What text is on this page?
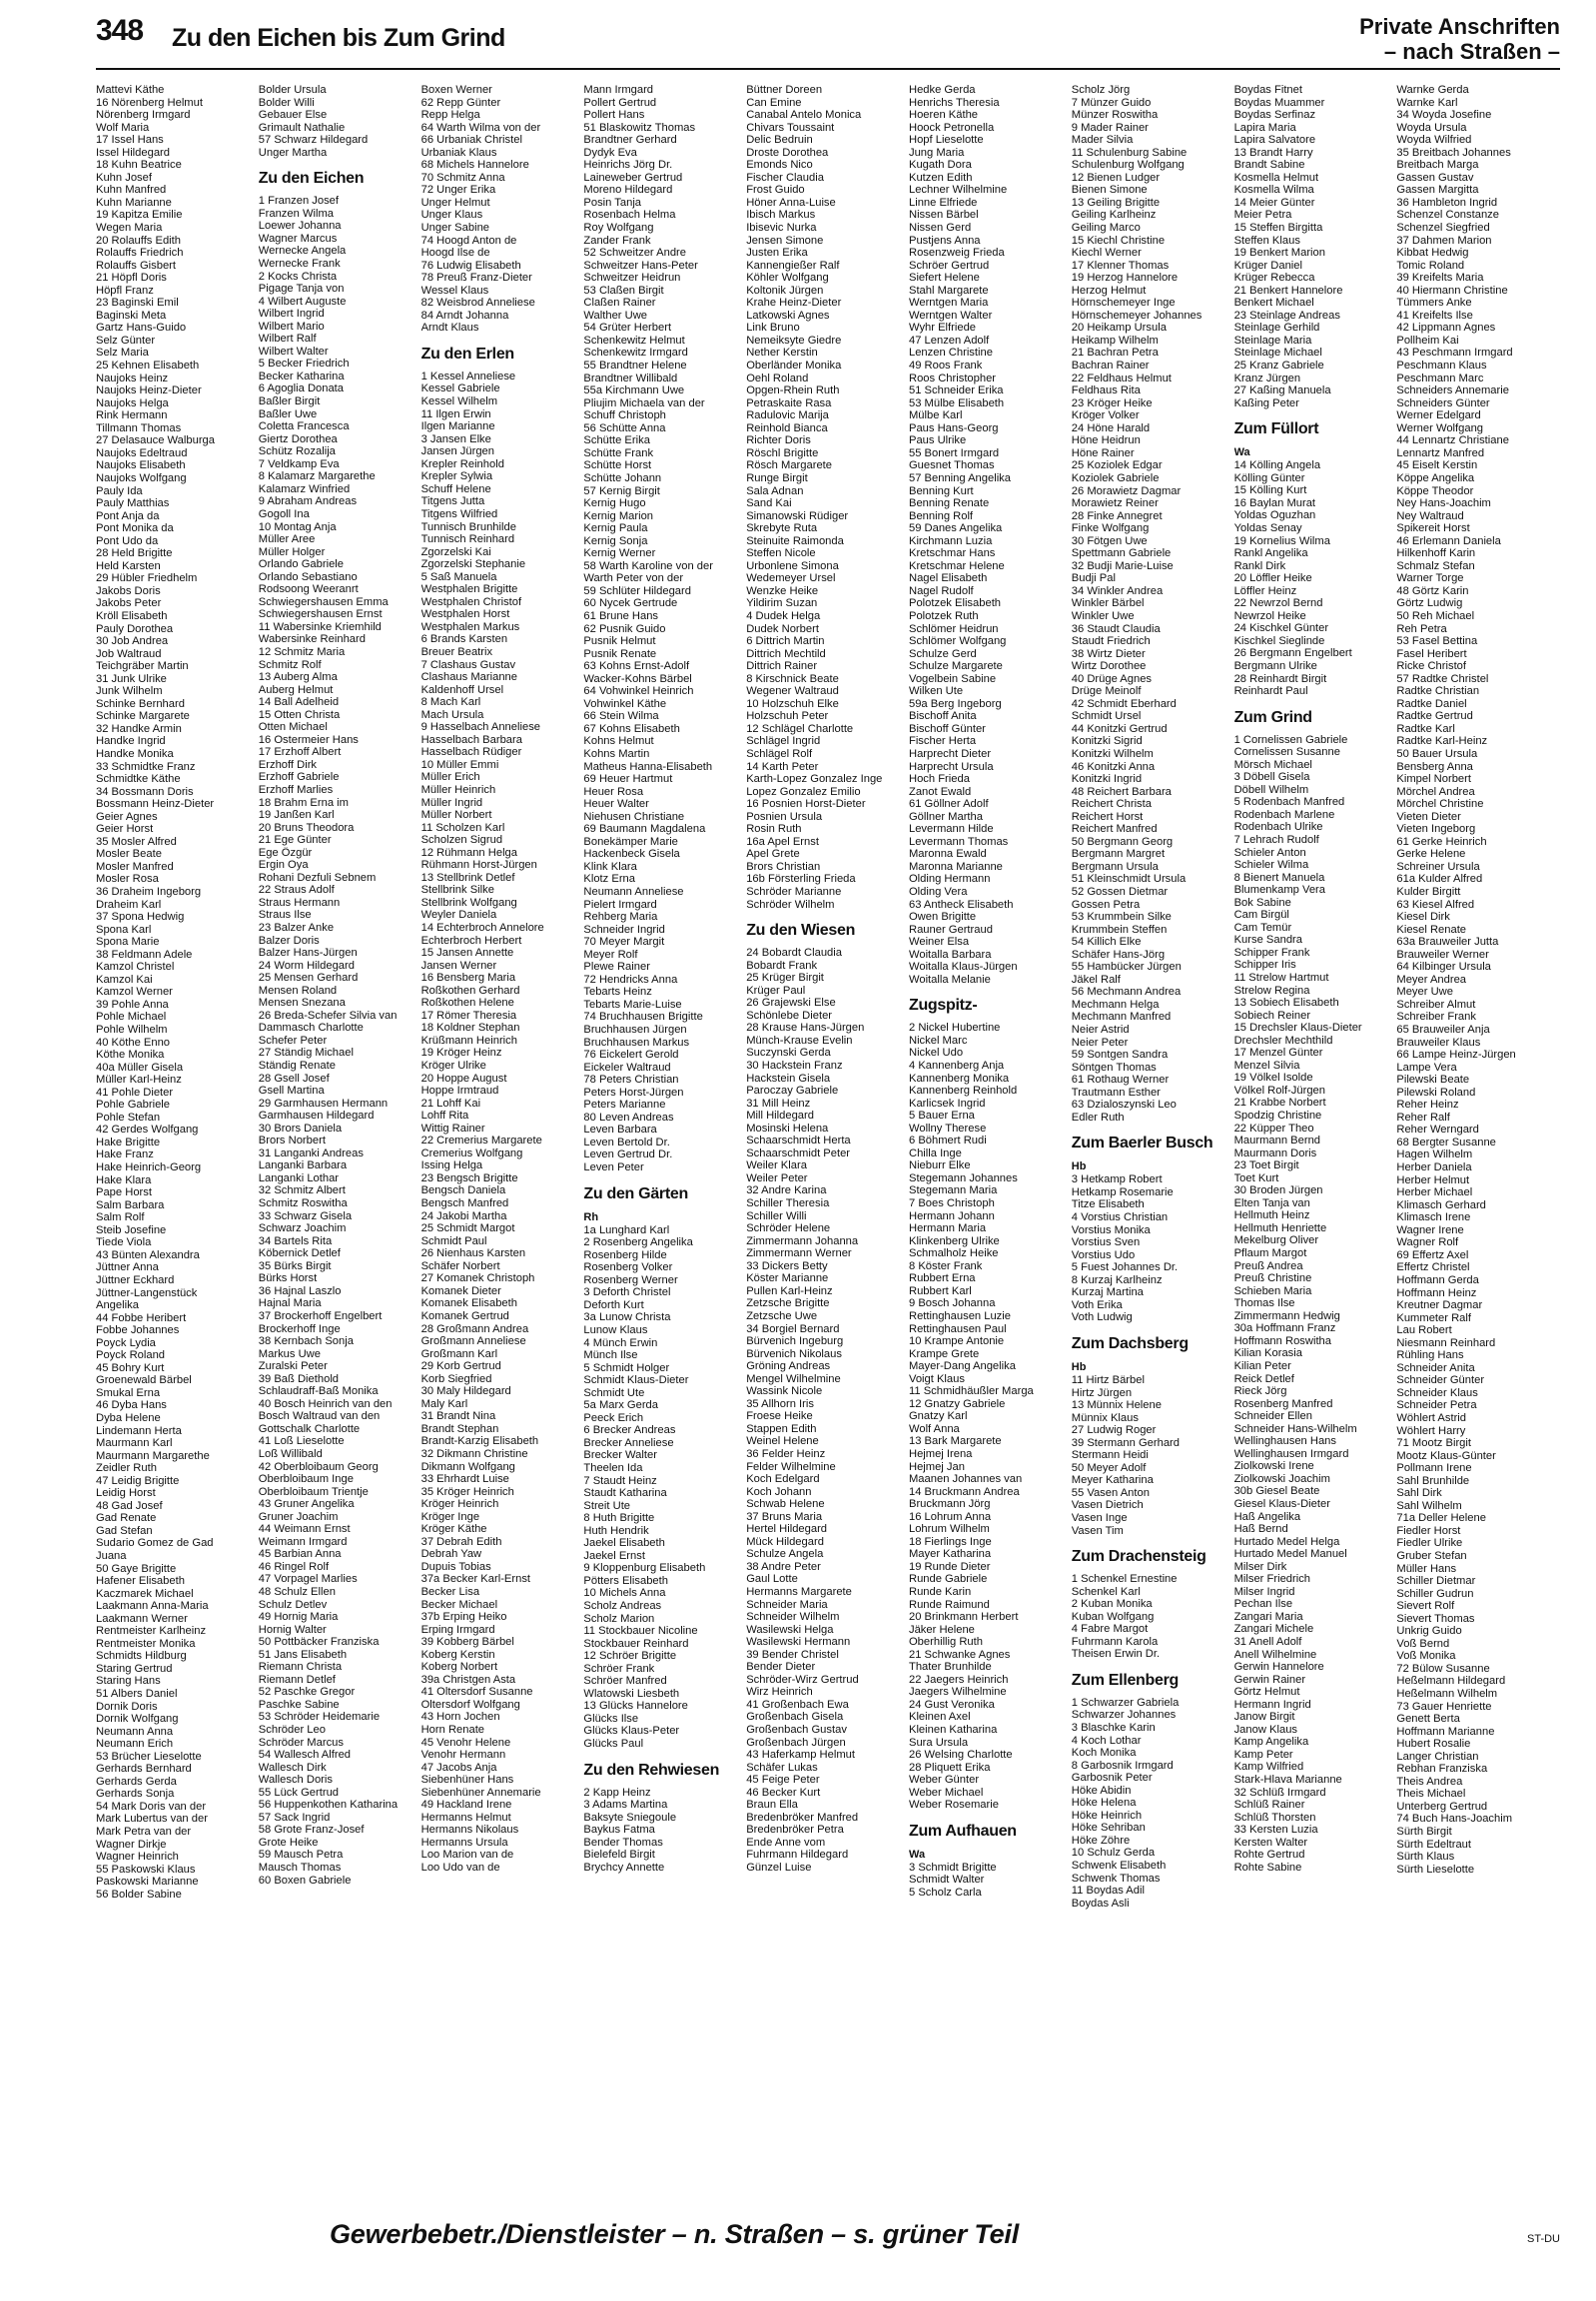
348 Zu den Eichen bis Zum Grind	Private Anschriften
– nach Straßen –
Mattevi Käthe
16 Nörenberg Helmut
Nörenberg Irmgard
Wolf Maria
17 Issel Hans
Issel Hildegard
18 Kuhn Beatrice
Kuhn Josef
Kuhn Manfred
Kuhn Marianne
19 Kapitza Emilie
Wegen Maria
20 Rolauffs Edith
Rolauffs Friedrich
Rolauffs Gisbert
21 Höpfl Doris
Höpfl Franz
23 Baginski Emil
Baginski Meta
Gartz Hans-Guido
Selz Günter
Selz Maria
25 Kehnen Elisabeth
Naujoks Heinz
Naujoks Heinz-Dieter
Naujoks Helga
Rink Hermann
Tillmann Thomas
27 Delasauce Walburga
Naujoks Edeltraud
Naujoks Elisabeth
Naujoks Wolfgang
Pauly Ida
Pauly Matthias
Pont Anja da
Pont Monika da
Pont Udo da
28 Held Brigitte
Held Karsten
29 Hübler Friedhelm
Jakobs Doris
Jakobs Peter
Kröll Elisabeth
Pauly Dorothea
30 Job Andrea
Job Waltraud
Teichgräber Martin
31 Junk Ulrike
Junk Wilhelm
Schinke Bernhard
Schinke Margarete
32 Handke Armin
Handke Ingrid
Handke Monika
33 Schmidtke Franz
Schmidtke Käthe
34 Bossmann Doris
Bossmann Heinz-Dieter
Geier Agnes
Geier Horst
35 Mosler Alfred
Mosler Beate
Mosler Manfred
Mosler Rosa
36 Draheim Ingeborg
Draheim Karl
37 Spona Hedwig
Spona Karl
Spona Marie
38 Feldmann Adele
Kamzol Christel
Kamzol Kai
Kamzol Werner
39 Pohle Anna
Pohle Michael
Pohle Wilhelm
40 Köthe Enno
Köthe Monika
40a Müller Gisela
Müller Karl-Heinz
41 Pohle Dieter
Pohle Gabriele
Pohle Stefan
42 Gerdes Wolfgang
Hake Brigitte
Hake Franz
Hake Heinrich-Georg
Hake Klara
Pape Horst
Salm Barbara
Salm Rolf
Steib Josefine
Tiede Viola
43 Bünten Alexandra
Jüttner Anna
Jüttner Eckhard
Jüttner-Langenstück
Angelika
44 Fobbe Heribert
Fobbe Johannes
Poyck Lydia
Poyck Roland
45 Bohry Kurt
Groenewald Bärbel
Smukal Erna
46 Dyba Hans
Dyba Helene
Lindemann Herta
Maurmann Karl
Maurmann Margarethe
Zeidler Ruth
47 Leidig Brigitte
Leidig Horst
48 Gad Josef
Gad Renate
Gad Stefan
Sudario Gomez de Gad
Juana
50 Gaye Brigitte
Hafener Elisabeth
Kaczmarek Michael
Laakmann Anna-Maria
Laakmann Werner
Rentmeister Karlheinz
Rentmeister Monika
Schmidts Hildburg
Staring Gertrud
Staring Hans
51 Albers Daniel
Dornik Doris
Dornik Wolfgang
Neumann Anna
Neumann Erich
53 Brücher Lieselotte
Gerhards Bernhard
Gerhards Gerda
Gerhards Sonja
54 Mark Doris van der
Mark Lubertus van der
Mark Petra van der
Wagner Dirkje
Wagner Heinrich
55 Paskowski Klaus
Paskowski Marianne
56 Bolder Sabine
Bolder Ursula
Bolder Willi
Gebauer Else
Grimault Nathalie
57 Schwarz Hildegard
Unger Martha
Zu den Eichen
1 Franzen Josef
Franzen Wilma
Loewer Johanna
Wagner Marcus
Wernecke Angela
Wernecke Frank
2 Kocks Christa
Pigage Tanja von
4 Wilbert Auguste
Wilbert Ingrid
Wilbert Mario
Wilbert Ralf
Wilbert Walter
5 Becker Friedrich
Becker Katharina
6 Agoglia Donata
Baßler Birgit
Baßler Uwe
Coletta Francesca
Giertz Dorothea
Schütz Rozalija
7 Veldkamp Eva
8 Kalamarz Margarethe
Kalamarz Winfried
9 Abraham Andreas
Gogoll Ina
10 Montag Anja
Müller Aree
Müller Holger
Orlando Gabriele
Orlando Sebastiano
Rodsoong Weeranrt
Schwiegershausen Emma
Schwiegershausen Ernst
11 Wabersinke Kriemhild
Wabersinke Reinhard
12 Schmitz Maria
Schmitz Rolf
13 Auberg Alma
Auberg Helmut
14 Ball Adelheid
15 Otten Christa
Otten Michael
16 Ostermeier Hans
17 Erzhoff Albert
Erzhoff Dirk
Erzhoff Gabriele
Erzhoff Marlies
18 Brahm Erna im
19 Janßen Karl
20 Bruns Theodora
21 Ege Günter
Ege Özgür
Ergin Oya
Rohani Dezfuli Sebnem
22 Straus Adolf
Straus Hermann
Straus Ilse
23 Balzer Anke
Balzer Doris
Balzer Hans-Jürgen
24 Worm Hildegard
25 Mensen Gerhard
Mensen Roland
Mensen Snezana
26 Breda-Schefer Silvia van
Dammasch Charlotte
Schefer Peter
27 Ständig Michael
Ständig Renate
28 Gsell Josef
Gsell Martina
29 Garmhausen Hermann
Garmhausen Hildegard
30 Brors Daniela
Brors Norbert
31 Langanki Andreas
Langanki Barbara
Langanki Lothar
32 Schmitz Albert
Schmitz Roswitha
33 Schwarz Gisela
Schwarz Joachim
34 Bartels Rita
Köbernick Detlef
35 Bürks Birgit
Bürks Horst
36 Hajnal Laszlo
Hajnal Maria
37 Brockerhoff Engelbert
Brockerhoff Inge
38 Kernbach Sonja
Markus Uwe
Zuralski Peter
39 Baß Diethold
Schlaudraff-Baß Monika
40 Bosch Heinrich van den
Bosch Waltraud van den
Gottschalk Charlotte
41 Loß Lieselotte
Loß Willibald
42 Oberbloibaum Georg
Oberbloibaum Inge
Oberbloibaum Trientje
43 Gruner Angelika
Gruner Joachim
44 Weimann Ernst
Weimann Irmgard
45 Barbian Anna
46 Ringel Rolf
47 Vorpagel Marlies
48 Schulz Ellen
Schulz Detlev
49 Hornig Maria
Hornig Walter
50 Pottbäcker Franziska
51 Jans Elisabeth
Riemann Christa
Riemann Detlef
52 Paschke Gregor
Paschke Sabine
53 Schröder Heidemarie
Schröder Leo
Schröder Marcus
54 Wallesch Alfred
Wallesch Dirk
Wallesch Doris
55 Lück Gertrud
56 Huppenkothen Katharina
57 Sack Ingrid
58 Grote Franz-Josef
Grote Heike
59 Mausch Petra
Mausch Thomas
60 Boxen Gabriele
Boxen Werner
62 Repp Günter
Repp Helga
64 Warth Wilma von der
66 Urbaniak Christel
Urbaniak Klaus
68 Michels Hannelore
70 Schmitz Anna
72 Unger Erika
Unger Helmut
Unger Klaus
Unger Sabine
74 Hoogd Anton de
Hoogd Ilse de
76 Ludwig Elisabeth
78 Preuß Franz-Dieter
Wessel Klaus
82 Weisbrod Anneliese
84 Arndt Johanna
Arndt Klaus
Zu den Erlen
1 Kessel Anneliese
Kessel Gabriele
Kessel Wilhelm
11 Ilgen Erwin
Ilgen Marianne
3 Jansen Elke
Jansen Jürgen
Krepler Reinhold
Krepler Sylwia
Schuff Helene
Titgens Jutta
Titgens Wilfried
Tunnisch Brunhilde
Tunnisch Reinhard
Zgorzelski Kai
Zgorzelski Stephanie
5 Saß Manuela
Westphalen Brigitte
Westphalen Christof
Westphalen Horst
Westphalen Markus
6 Brands Karsten
Breuer Beatrix
7 Clashaus Gustav
Clashaus Marianne
Kaldenhoff Ursel
8 Mach Karl
Mach Ursula
9 Hasselbach Anneliese
Hasselbach Barbara
Hasselbach Rüdiger
10 Müller Emmi
Müller Erich
Müller Heinrich
Müller Ingrid
Müller Norbert
11 Scholzen Karl
Scholzen Sigrud
12 Rühmann Helga
Rühmann Horst-Jürgen
13 Stellbrink Detlef
Stellbrink Silke
Stellbrink Wolfgang
Weyler Daniela
14 Echterbroch Annelore
Echterbroch Herbert
15 Jansen Annette
Jansen Werner
16 Bensberg Maria
Roßkothen Gerhard
Roßkothen Helene
17 Römer Theresia
18 Koldner Stephan
Krüßmann Heinrich
19 Kröger Heinz
Kröger Ulrike
20 Hoppe August
Hoppe Irmtraud
21 Lohff Kai
Lohff Rita
Wittig Rainer
22 Cremerius Margarete
Cremerius Wolfgang
Issing Helga
23 Bengsch Brigitte
Bengsch Daniela
Bengsch Manfred
24 Jakobi Martha
25 Schmidt Margot
Schmidt Paul
26 Nienhaus Karsten
Schäfer Norbert
27 Komanek Christoph
Komanek Dieter
Komanek Elisabeth
Komanek Gertrud
28 Großmann Andrea
Großmann Anneliese
Großmann Karl
29 Korb Gertrud
Korb Siegfried
30 Maly Hildegard
Maly Karl
31 Brandt Nina
Brandt Stephan
Brandt-Karzig Elisabeth
32 Dikmann Christine
Dikmann Wolfgang
33 Ehrhardt Luise
35 Kröger Heinrich
Kröger Heinrich
Kröger Inge
Kröger Käthe
37 Debrah Edith
Debrah Yaw
Dupuis Tobias
37a Becker Karl-Ernst
Becker Lisa
Becker Michael
37b Erping Heiko
Erping Irmgard
39 Kobberg Bärbel
Koberg Kerstin
Koberg Norbert
39a Christgen Asta
41 Oltersdorf Susanne
Oltersdorf Wolfgang
43 Horn Jochen
Horn Renate
45 Venohr Helene
Venohr Hermann
47 Jacobs Anja
Siebenhüner Hans
Siebenhüner Annemarie
49 Hackland Irene
Hermanns Helmut
Hermanns Nikolaus
Hermanns Ursula
Loo Marion van de
Loo Udo van de
Mann Irmgard
Pollert Gertrud
Pollert Hans
51 Blaskowitz Thomas
Brandtner Gerhard
Dydyk Eva
Heinrichs Jörg Dr.
Laineweber Gertrud
Moreno Hildegard
Posin Tanja
Rosenbach Helma
Roy Wolfgang
Zander Frank
52 Schweitzer Andre
Schweitzer Hans-Peter
Schweitzer Heidrun
53 Claßen Birgit
Claßen Rainer
Walther Uwe
54 Grüter Herbert
Schenkewitz Helmut
Schenkewitz Irmgard
55 Brandtner Helene
Brandtner Willibald
55a Kirchmann Uwe
Pliujim Michaela van der
Schuff Christoph
56 Schütte Anna
Schütte Erika
Schütte Frank
Schütte Horst
Schütte Johann
57 Kernig Birgit
Kernig Hugo
Kernig Marion
Kernig Paula
Kernig Sonja
Kernig Werner
58 Warth Karoline von der
Warth Peter von der
59 Schlüter Hildegard
60 Nycek Gertrude
61 Brune Hans
62 Pusnik Guido
Pusnik Helmut
Pusnik Renate
63 Kohns Ernst-Adolf
Wacker-Kohns Bärbel
64 Vohwinkel Heinrich
Vohwinkel Käthe
66 Stein Wilma
67 Kohns Elisabeth
Kohns Helmut
Kohns Martin
Matheus Hanna-Elisabeth
69 Heuer Hartmut
Heuer Rosa
Heuer Walter
Niehusen Christiane
69 Baumann Magdalena
Bonekämper Marie
Hackenbeck Gisela
Klink Klara
Klotz Erna
Neumann Anneliese
Pielert Irmgard
Rehberg Maria
Schneider Ingrid
70 Meyer Margit
Meyer Rolf
Plewe Rainer
72 Hendricks Anna
Tebarts Heinz
Tebarts Marie-Luise
74 Bruchhausen Brigitte
Bruchhausen Jürgen
Bruchhausen Markus
76 Eickelert Gerold
Eickeler Waltraud
78 Peters Christian
Peters Horst-Jürgen
Peters Marianne
80 Leven Andreas
Leven Barbara
Leven Bertold Dr.
Leven Gertrud Dr.
Leven Peter
Zu den Gärten
Rh
1a Lunghard Karl
2 Rosenberg Angelika
Rosenberg Hilde
Rosenberg Volker
Rosenberg Werner
3 Deforth Christel
Deforth Kurt
3a Lunow Christa
Lunow Klaus
4 Münch Erwin
Münch Ilse
5 Schmidt Holger
Schmidt Klaus-Dieter
Schmidt Ute
5a Marx Gerda
Peeck Erich
6 Brecker Andreas
Brecker Anneliese
Brecker Walter
Theelen Ida
7 Staudt Heinz
Staudt Katharina
Streit Ute
8 Huth Brigitte
Huth Hendrik
Jaekel Elisabeth
Jaekel Ernst
9 Kloppenburg Elisabeth
Pötters Elisabeth
10 Michels Anna
Scholz Andreas
Scholz Marion
11 Stockbauer Nicoline
Stockbauer Reinhard
12 Schröer Brigitte
Schröer Frank
Schröer Manfred
Wlatowski Liesbeth
13 Glücks Hannelore
Glücks Ilse
Glücks Klaus-Peter
Glücks Paul
Zu den Rehwiesen
2 Kapp Heinz
3 Adams Martina
Baksyte Sniegoule
Baykus Fatma
Bender Thomas
Bielefeld Birgit
Brychcy Annette
Büttner Doreen
Can Emine
Canabal Antelo Monica
Chivars Toussaint
Delic Bedruin
Droste Dorothea
Emonds Nico
Fischer Claudia
Frost Guido
Höner Anna-Luise
Ibisch Markus
Ibisevic Nurka
Jensen Simone
Justen Erika
Kannengießer Ralf
Köhler Wolfgang
Koltonik Jürgen
Krahe Heinz-Dieter
Latkowski Agnes
Link Bruno
Nemeiksyte Giedre
Nether Kerstin
Oberländer Monika
Oehl Roland
Opgen-Rhein Ruth
Petraskaite Rasa
Radulovic Marija
Reinhold Bianca
Richter Doris
Röschl Brigitte
Rösch Margarete
Runge Birgit
Sala Adnan
Sand Kai
Simanowski Rüdiger
Skrebyte Ruta
Steinuite Raimonda
Steffen Nicole
Urbonlene Simona
Wedemeyer Ursel
Wenzke Heike
Yildirim Suzan
4 Dudek Helga
Dudek Norbert
6 Dittrich Martin
Dittrich Mechtild
Dittrich Rainer
8 Kirschnick Beate
Wegener Waltraud
10 Holzschuh Elke
Holzschuh Peter
12 Schlägel Charlotte
Schlägel Ingrid
Schlägel Rolf
14 Karth Peter
Karth-Lopez Gonzalez Inge
Lopez Gonzalez Emilio
16 Posnien Horst-Dieter
Posnien Ursula
Rosin Ruth
16a Apel Ernst
Apel Grete
Brors Christian
16b Försterling Frieda
Schröder Marianne
Schröder Wilhelm
Zu den Wiesen
24 Bobardt Claudia
Bobardt Frank
25 Krüger Birgit
Krüger Paul
26 Grajewski Else
Schönlebe Dieter
28 Krause Hans-Jürgen
Münch-Krause Evelin
Suczynski Gerda
30 Hackstein Franz
Hackstein Gisela
Paroczay Gabriele
31 Mill Heinz
Mill Hildegard
Mosinski Helena
Schaarschmidt Herta
Schaarschmidt Peter
Weiler Klara
Weiler Peter
32 Andre Karina
Schiller Theresia
Schiller Willi
Schröder Helene
Zimmermann Johanna
Zimmermann Werner
33 Dickers Betty
Köster Marianne
Pullen Karl-Heinz
Zetzsche Brigitte
Zetzsche Uwe
34 Borgiel Bernard
Bürvenich Ingeburg
Bürvenich Nikolaus
Gröning Andreas
Mengel Wilhelmine
Wassink Nicole
35 Allhorn Iris
Froese Heike
Stappen Edith
Weinel Helene
36 Felder Heinz
Felder Wilhelmine
Koch Edelgard
Koch Johann
Schwab Helene
37 Bruns Maria
Hertel Hildegard
Mück Hildegard
Schulze Angela
38 Andre Peter
Gaul Lotte
Hermanns Margarete
Schneider Maria
Schneider Wilhelm
Wasilewski Helga
Wasilewski Hermann
39 Bender Christel
Bender Dieter
Schröder-Wirz Gertrud
Wirz Heinrich
41 Großenbach Ewa
Großenbach Gisela
Großenbach Gustav
Großenbach Jürgen
43 Haferkamp Helmut
Schäfer Lukas
45 Feige Peter
46 Becker Kurt
Braun Ella
Bredenbröker Manfred
Bredenbröker Petra
Ende Anne vom
Fuhrmann Hildegard
Günzel Luise
Hedke Gerda
Henrichs Theresia
Hoeren Käthe
Hoock Petronella
Hopf Lieselotte
Jung Maria
Kugath Dora
Kutzen Edith
Lechner Wilhelmine
Linne Elfriede
Nissen Bärbel
Nissen Gerd
Pustjens Anna
Rosenzweig Frieda
Schröer Gertrud
Siefert Helene
Stahl Margarete
Werntgen Maria
Werntgen Walter
Wyhr Elfriede
47 Lenzen Adolf
Lenzen Christine
49 Roos Frank
Roos Christopher
51 Schneider Erika
53 Mülbe Elisabeth
Mülbe Karl
Paus Hans-Georg
Paus Ulrike
55 Bonert Irmgard
Guesnet Thomas
57 Benning Angelika
Benning Kurt
Benning Renate
Benning Rolf
59 Danes Angelika
Kirchmann Luzia
Kretschmar Hans
Kretschmar Helene
Nagel Elisabeth
Nagel Rudolf
Polotzek Elisabeth
Polotzek Ruth
Schlömer Heidrun
Schlömer Wolfgang
Schulze Gerd
Schulze Margarete
Vogelbein Sabine
Wilken Ute
59a Berg Ingeborg
Bischoff Anita
Bischoff Günter
Fischer Herta
Harprecht Dieter
Harprecht Ursula
Hoch Frieda
Zanot Ewald
61 Göllner Adolf
Göllner Martha
Levermann Hilde
Levermann Thomas
Maronna Ewald
Maronna Marianne
Olding Hermann
Olding Vera
63 Antheck Elisabeth
Owen Brigitte
Rauner Gertraud
Weiner Elsa
Woitalla Barbara
Woitalla Klaus-Jürgen
Woitalla Melanie
Zugspitz-
2 Nickel Hubertine
Nickel Marc
Nickel Udo
4 Kannenberg Anja
Kannenberg Monika
Kannenberg Reinhold
Karlicsek Ingrid
5 Bauer Erna
Wollny Therese
6 Böhmert Rudi
Chilla Inge
Nieburr Elke
Stegemann Johannes
Stegemann Maria
7 Boes Christoph
Hermann Johann
Hermann Maria
Klinkenberg Ulrike
Schmalholz Heike
8 Köster Frank
Rubbert Erna
Rubbert Karl
9 Bosch Johanna
Rettinghausen Luzie
Rettinghausen Paul
10 Krampe Antonie
Krampe Grete
Mayer-Dang Angelika
Voigt Klaus
11 Schmidhäußler Marga
12 Gnatzy Gabriele
Gnatzy Karl
Wolf Anna
13 Bark Margarete
Hejmej Irena
Hejmej Jan
Maanen Johannes van
14 Bruckmann Andrea
Bruckmann Jörg
16 Lohrum Anna
Lohrum Wilhelm
18 Fierlings Inge
Mayer Katharina
19 Runde Dieter
Runde Gabriele
Runde Karin
Runde Raimund
20 Brinkmann Herbert
Jäker Helene
Oberhillig Ruth
21 Schwanke Agnes
Thater Brunhilde
22 Jaegers Heinrich
Jaegers Wilhelmine
24 Gust Veronika
Kleinen Axel
Kleinen Katharina
Sura Ursula
26 Welsing Charlotte
28 Pliquett Erika
Weber Günter
Weber Michael
Weber Rosemarie
Zum Aufhauen
Wa
3 Schmidt Brigitte
Schmidt Walter
5 Scholz Carla
Scholz Jörg
7 Münzer Guido
Münzer Roswitha
9 Mader Rainer
Mader Silvia
11 Schulenburg Sabine
Schulenburg Wolfgang
12 Bienen Ludger
Bienen Simone
13 Geiling Brigitte
Geiling Karlheinz
Geiling Marco
15 Kiechl Christine
Kiechl Werner
17 Klenner Thomas
19 Herzog Hannelore
Herzog Helmut
Hörnschemeyer Inge
Hörnschemeyer Johannes
20 Heikamp Ursula
Heikamp Wilhelm
21 Bachran Petra
Bachran Rainer
22 Feldhaus Helmut
Feldhaus Rita
23 Kröger Heike
Kröger Volker
24 Höne Harald
Höne Heidrun
Höne Rainer
25 Koziolek Edgar
Koziolek Gabriele
26 Morawietz Dagmar
Morawietz Reiner
28 Finke Annegret
Finke Wolfgang
30 Fötgen Uwe
Spettmann Gabriele
32 Budji Marie-Luise
Budji Pal
34 Winkler Andrea
Winkler Bärbel
Winkler Uwe
36 Staudt Claudia
Staudt Friedrich
38 Wirtz Dieter
Wirtz Dorothee
40 Drüge Agnes
Drüge Meinolf
42 Schmidt Eberhard
Schmidt Ursel
44 Konitzki Gertrud
Konitzki Sigrid
Konitzki Wilhelm
46 Konitzki Anna
Konitzki Ingrid
48 Reichert Barbara
Reichert Christa
Reichert Horst
Reichert Manfred
50 Bergmann Georg
Bergmann Margret
Bergmann Ursula
51 Kleinschmidt Ursula
52 Gossen Dietmar
Gossen Petra
53 Krummbein Silke
Krummbein Steffen
54 Killich Elke
Schäfer Hans-Jörg
55 Hambücker Jürgen
Jäkel Ralf
56 Mechmann Andrea
Mechmann Helga
Mechmann Manfred
Neier Astrid
Neier Peter
59 Sontgen Sandra
Söntgen Thomas
61 Rothaug Werner
Trautmann Esther
63 Dzialoszynski Leo
Edler Ruth
Zum Baerler Busch
Hb
3 Hetkamp Robert
Hetkamp Rosemarie
Titze Elisabeth
4 Vorstius Christian
Vorstius Monika
Vorstius Sven
Vorstius Udo
5 Fuest Johannes Dr.
8 Kurzaj Karlheinz
Kurzaj Martina
Voth Erika
Voth Ludwig
Zum Dachsberg
Hb
11 Hirtz Bärbel
Hirtz Jürgen
13 Münnix Helene
Münnix Klaus
27 Ludwig Roger
39 Stermann Gerhard
Stermann Heidi
50 Meyer Adolf
Meyer Katharina
55 Vasen Anton
Vasen Dietrich
Vasen Inge
Vasen Tim
Zum Drachensteig
1 Schenkel Ernestine
Schenkel Karl
2 Kuban Monika
Kuban Wolfgang
4 Fabre Margot
Fuhrmann Karola
Theisen Erwin Dr.
Zum Ellenberg
1 Schwarzer Gabriela
Schwarzer Johannes
3 Blaschke Karin
4 Koch Lothar
Koch Monika
8 Garbosnik Irmgard
Garbosnik Peter
Höke Abidin
Höke Helena
Höke Heinrich
Höke Sehriban
Höke Zöhre
10 Schulz Gerda
Schwenk Elisabeth
Schwenk Thomas
11 Boydas Adil
Boydas Asli
Boydas Fitnet
Boydas Muammer
Boydas Serfinaz
Lapira Maria
Lapira Salvatore
13 Brandt Harry
Brandt Sabine
Kosmella Helmut
Kosmella Wilma
14 Meier Günter
Meier Petra
15 Steffen Birgitta
Steffen Klaus
19 Benkert Marion
Krüger Daniel
Krüger Rebecca
21 Benkert Hannelore
Benkert Michael
23 Steinlage Andreas
Steinlage Gerhild
Steinlage Maria
Steinlage Michael
25 Kranz Gabriele
Kranz Jürgen
27 Kaßing Manuela
Kaßing Peter
Zum Füllort
Wa
14 Kölling Angela
Kölling Günter
15 Kölling Kurt
16 Baylan Murat
Yoldas Oguzhan
Yoldas Senay
19 Kornelius Wilma
Rankl Angelika
Rankl Dirk
20 Löffler Heike
Löffler Heinz
22 Newrzol Bernd
Newrzol Heike
24 Kischkel Günter
Kischkel Sieglinde
26 Bergmann Engelbert
Bergmann Ulrike
28 Reinhardt Birgit
Reinhardt Paul
Zum Grind
1 Cornelissen Gabriele
Cornelissen Susanne
Mörsch Michael
3 Döbell Gisela
Döbell Wilhelm
5 Rodenbach Manfred
Rodenbach Marlene
Rodenbach Ulrike
7 Lehrach Rudolf
Schieler Anton
Schieler Wilma
8 Bienert Manuela
Blumenkamp Vera
Bok Sabine
Cam Birgül
Cam Temür
Kurse Sandra
Schipper Frank
Schipper Iris
11 Strelow Hartmut
Strelow Regina
13 Sobiech Elisabeth
Sobiech Reiner
15 Drechsler Klaus-Dieter
Drechsler Mechthild
17 Menzel Günter
Menzel Silvia
19 Völkel Isolde
Völkel Rolf-Jürgen
21 Krabbe Norbert
Spodzig Christine
22 Küpper Theo
Maurmann Bernd
Maurmann Doris
23 Toet Birgit
Toet Kurt
30 Broden Jürgen
Elten Tanja van
Hellmuth Heinz
Hellmuth Henriette
Mekelburg Oliver
Pflaum Margot
Preuß Andrea
Preuß Christine
Schieben Maria
Thomas Ilse
Zimmermann Hedwig
30a Hoffmann Franz
Hoffmann Roswitha
Kilian Korasia
Kilian Peter
Reick Detlef
Rieck Jörg
Rosenberg Manfred
Schneider Ellen
Schneider Hans-Wilhelm
Wellinghausen Hans
Wellinghausen Irmgard
Ziolkowski Irene
Ziolkowski Joachim
30b Giesel Beate
Giesel Klaus-Dieter
Haß Angelika
Haß Bernd
Hurtado Medel Helga
Hurtado Medel Manuel
Milser Dirk
Milser Friedrich
Milser Ingrid
Pechan Ilse
Zangari Maria
Zangari Michele
31 Anell Adolf
Anell Wilhelmine
Gerwin Hannelore
Gerwin Rainer
Görtz Helmut
Hermann Ingrid
Janow Birgit
Janow Klaus
Kamp Angelika
Kamp Peter
Kamp Wilfried
Stark-Hlava Marianne
32 Schlüß Irmgard
Schlüß Rainer
Schlüß Thorsten
33 Kersten Luzia
Kersten Walter
Rohte Gertrud
Rohte Sabine
Warnke Gerda
Warnke Karl
34 Woyda Josefine
Woyda Ursula
Woyda Wilfried
35 Breitbach Johannes
Breitbach Marga
Gassen Gustav
Gassen Margitta
36 Hambleton Ingrid
Schenzel Constanze
Schenzel Siegfried
37 Dahmen Marion
Kibbat Hedwig
Tomic Roland
39 Kreifelts Maria
40 Hiermann Christine
Tümmers Anke
41 Kreifelts Ilse
42 Lippmann Agnes
Pollheim Kai
43 Peschmann Irmgard
Peschmann Klaus
Peschmann Marc
Schneiders Annemarie
Schneiders Günter
Werner Edelgard
Werner Wolfgang
44 Lennartz Christiane
Lennartz Manfred
45 Eiselt Kerstin
Köppe Angelika
Köppe Theodor
Ney Hans-Joachim
Ney Waltraud
Spikereit Horst
46 Erlemann Daniela
Hilkenhoff Karin
Schmalz Stefan
Warner Torge
48 Görtz Karin
Görtz Ludwig
50 Reh Michael
Reh Petra
53 Fasel Bettina
Fasel Heribert
Ricke Christof
57 Radtke Christel
Radtke Christian
Radtke Daniel
Radtke Gertrud
Radtke Karl
Radtke Karl-Heinz
50 Bauer Ursula
Bensberg Anna
Kimpel Norbert
Mörchel Andrea
Mörchel Christine
Vieten Dieter
Vieten Ingeborg
61 Gerke Heinrich
Gerke Helene
Schreiner Ursula
61a Kulder Alfred
Kulder Birgitt
63 Kiesel Alfred
Kiesel Dirk
Kiesel Renate
63a Brauweiler Jutta
Brauweiler Werner
64 Kilbinger Ursula
Meyer Andrea
Meyer Uwe
Schreiber Almut
Schreiber Frank
65 Brauweiler Anja
Brauweiler Klaus
66 Lampe Heinz-Jürgen
Lampe Vera
Pilewski Beate
Pilewski Roland
Reher Heinz
Reher Ralf
Reher Werngard
68 Bergter Susanne
Hagen Wilhelm
Herber Daniela
Herber Helmut
Herber Michael
Klimasch Gerhard
Klimasch Irene
Wagner Irene
Wagner Rolf
69 Effertz Axel
Effertz Christel
Hoffmann Gerda
Hoffmann Heinz
Kreutner Dagmar
Kummeter Ralf
Lau Robert
Niesmann Reinhard
Rühling Hans
Schneider Anita
Schneider Günter
Schneider Klaus
Schneider Petra
Wöhlert Astrid
Wöhlert Harry
71 Mootz Birgit
Mootz Klaus-Günter
Pollmann Irene
Sahl Brunhilde
Sahl Dirk
Sahl Wilhelm
71a Deller Helene
Fiedler Horst
Fiedler Ulrike
Gruber Stefan
Müller Hans
Schiller Dietmar
Schiller Gudrun
Sievert Rolf
Sievert Thomas
Unkrig Guido
Voß Bernd
Voß Monika
72 Bülow Susanne
Heßelmann Hildegard
Heßelmann Wilhelm
73 Gauer Henriette
Genett Berta
Hoffmann Marianne
Hubert Rosalie
Langer Christian
Rebhan Franziska
Theis Andrea
Theis Michael
Unterberg Gertrud
74 Buch Hans-Joachim
Sürth Birgit
Sürth Edeltraut
Sürth Klaus
Sürth Lieselotte
Gewerbebetr./Dienstleister – n. Straßen – s. grüner Teil	ST-DU
